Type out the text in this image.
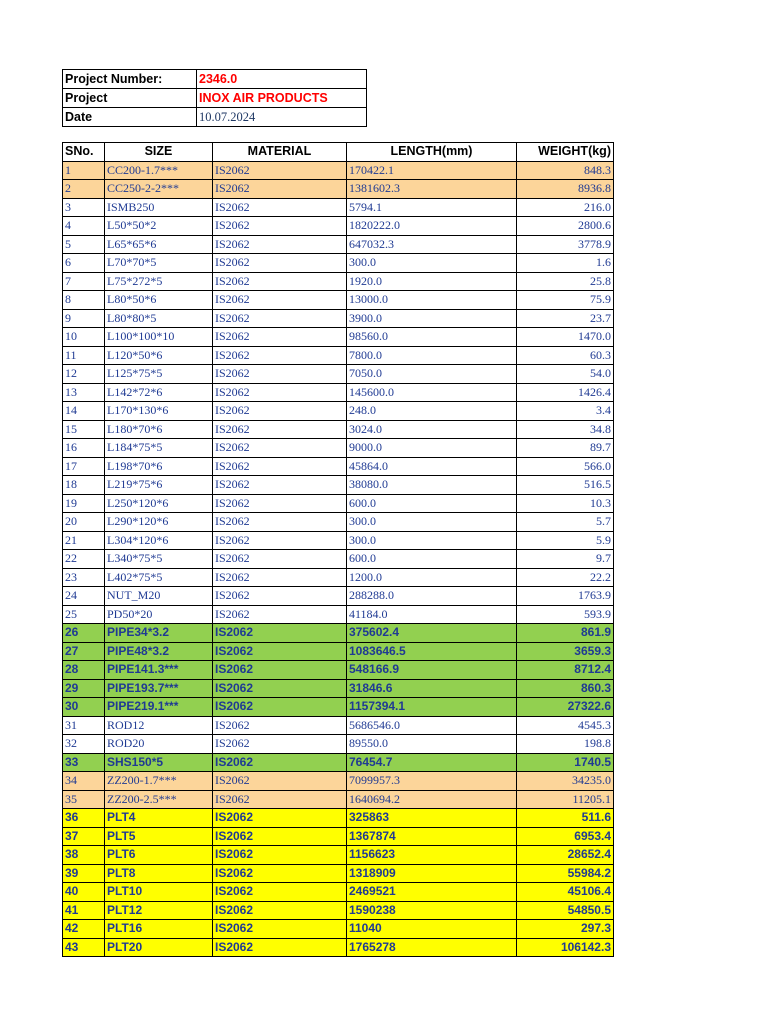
Project Number:	2346.0
Project	INOX AIR PRODUCTS
Date	10.07.2024
SNo.	SIZE	MATERIAL	LENGTH(mm)	WEIGHT(kg)
1	CC200-1.7***	IS2062	170422.1	848.3
2	CC250-2-2***	IS2062	1381602.3	8936.8
3	ISMB250	IS2062	5794.1	216.0
4	L50*50*2	IS2062	1820222.0	2800.6
5	L65*65*6	IS2062	647032.3	3778.9
6	L70*70*5	IS2062	300.0	1.6
7	L75*272*5	IS2062	1920.0	25.8
8	L80*50*6	IS2062	13000.0	75.9
9	L80*80*5	IS2062	3900.0	23.7
10	L100*100*10	IS2062	98560.0	1470.0
11	L120*50*6	IS2062	7800.0	60.3
12	L125*75*5	IS2062	7050.0	54.0
13	L142*72*6	IS2062	145600.0	1426.4
14	L170*130*6	IS2062	248.0	3.4
15	L180*70*6	IS2062	3024.0	34.8
16	L184*75*5	IS2062	9000.0	89.7
17	L198*70*6	IS2062	45864.0	566.0
18	L219*75*6	IS2062	38080.0	516.5
19	L250*120*6	IS2062	600.0	10.3
20	L290*120*6	IS2062	300.0	5.7
21	L304*120*6	IS2062	300.0	5.9
22	L340*75*5	IS2062	600.0	9.7
23	L402*75*5	IS2062	1200.0	22.2
24	NUT_M20	IS2062	288288.0	1763.9
25	PD50*20	IS2062	41184.0	593.9
26	PIPE34*3.2	IS2062	375602.4	861.9
27	PIPE48*3.2	IS2062	1083646.5	3659.3
28	PIPE141.3***	IS2062	548166.9	8712.4
29	PIPE193.7***	IS2062	31846.6	860.3
30	PIPE219.1***	IS2062	1157394.1	27322.6
31	ROD12	IS2062	5686546.0	4545.3
32	ROD20	IS2062	89550.0	198.8
33	SHS150*5	IS2062	76454.7	1740.5
34	ZZ200-1.7***	IS2062	7099957.3	34235.0
35	ZZ200-2.5***	IS2062	1640694.2	11205.1
36	PLT4	IS2062	325863	511.6
37	PLT5	IS2062	1367874	6953.4
38	PLT6	IS2062	1156623	28652.4
39	PLT8	IS2062	1318909	55984.2
40	PLT10	IS2062	2469521	45106.4
41	PLT12	IS2062	1590238	54850.5
42	PLT16	IS2062	11040	297.3
43	PLT20	IS2062	1765278	106142.3
